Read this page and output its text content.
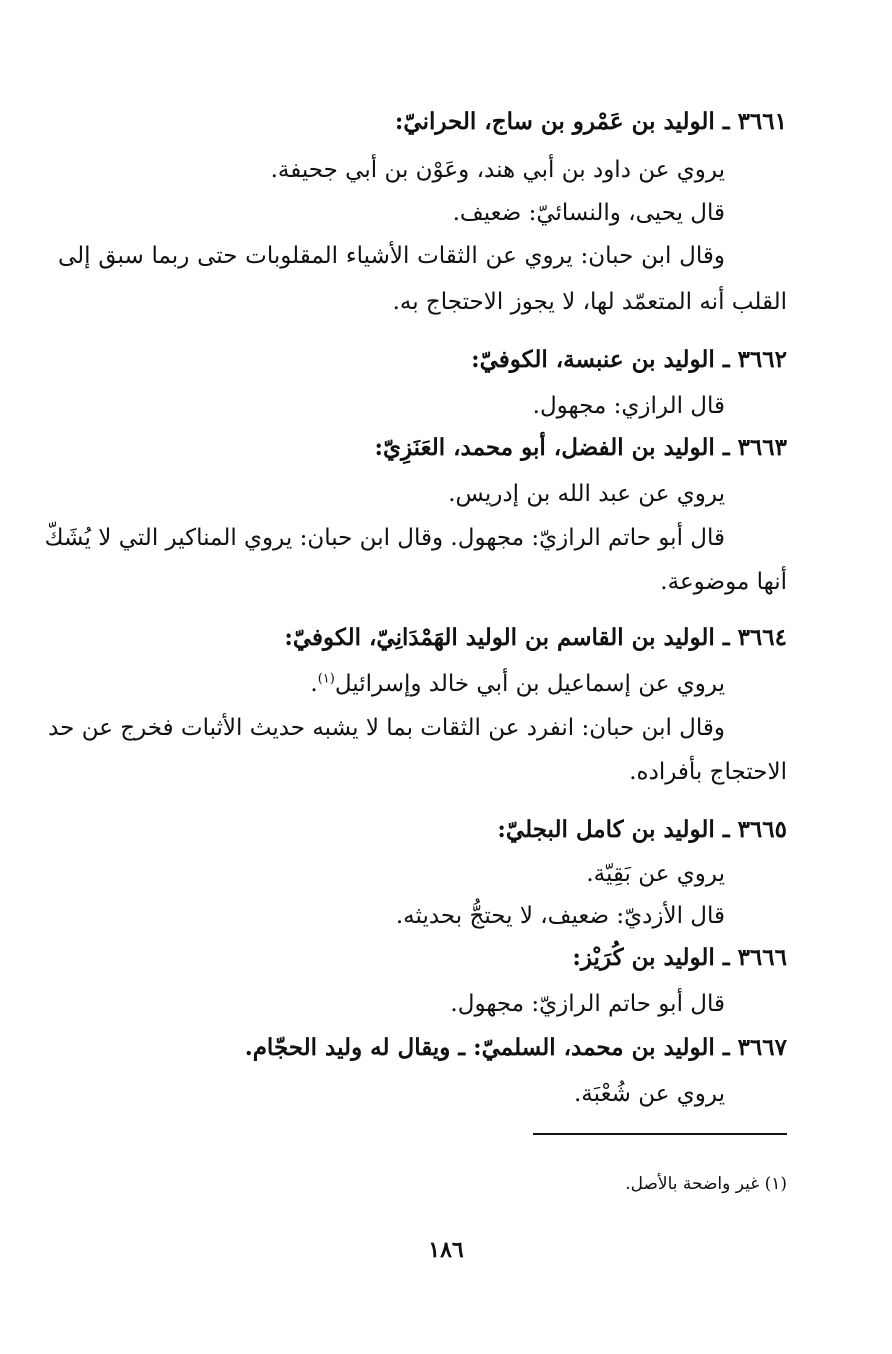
٣٦٦١ ـ الوليد بن عَمْرو بن ساج، الحرانيّ:
يروي عن داود بن أبي هند، وعَوْن بن أبي جحيفة.
قال يحيى، والنسائيّ: ضعيف.
وقال ابن حبان: يروي عن الثقات الأشياء المقلوبات حتى ربما سبق إلى
القلب أنه المتعمّد لها، لا يجوز الاحتجاج به.
٣٦٦٢ ـ الوليد بن عنبسة، الكوفيّ:
قال الرازي: مجهول.
٣٦٦٣ ـ الوليد بن الفضل، أبو محمد، العَنَزِيّ:
يروي عن عبد الله بن إدريس.
قال أبو حاتم الرازيّ: مجهول. وقال ابن حبان: يروي المناكير التي لا يُشَكّ
أنها موضوعة.
٣٦٦٤ ـ الوليد بن القاسم بن الوليد الهَمْدَانِيّ، الكوفيّ:
يروي عن إسماعيل بن أبي خالد وإسرائيل$^{(١)}$.
وقال ابن حبان: انفرد عن الثقات بما لا يشبه حديث الأثبات فخرج عن حد
الاحتجاج بأفراده.
٣٦٦٥ ـ الوليد بن كامل البجليّ:
يروي عن بَقِيّة.
قال الأزديّ: ضعيف، لا يحتجُّ بحديثه.
٣٦٦٦ ـ الوليد بن كُرَيْز:
قال أبو حاتم الرازيّ: مجهول.
٣٦٦٧ ـ الوليد بن محمد، السلميّ: ـ ويقال له وليد الحجّام.
يروي عن شُعْبَة.
(١) غير واضحة بالأصل.
١٨٦
